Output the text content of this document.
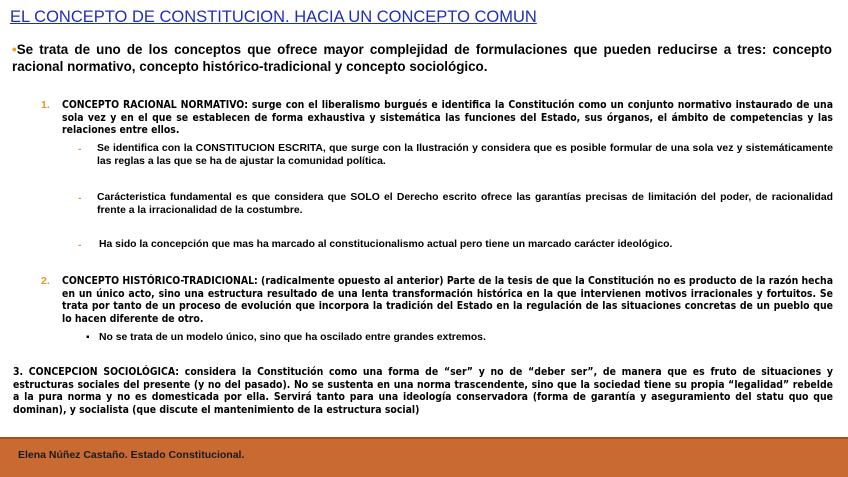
EL CONCEPTO DE CONSTITUCION. HACIA UN CONCEPTO COMUN
•Se trata de uno de los conceptos que ofrece mayor complejidad de formulaciones que pueden reducirse a tres: concepto racional normativo, concepto histórico-tradicional y concepto sociológico.
1. CONCEPTO RACIONAL NORMATIVO: surge con el liberalismo burgués e identifica la Constitución como un conjunto normativo instaurado de una sola vez y en el que se establecen de forma exhaustiva y sistemática las funciones del Estado, sus órganos, el ámbito de competencias y las relaciones entre ellos.
- Se identifica con la CONSTITUCION ESCRITA, que surge con la Ilustración y considera que es posible formular de una sola vez y sistemáticamente las reglas a las que se ha de ajustar la comunidad política.
- Carácteristica fundamental es que considera que SOLO el Derecho escrito ofrece las garantías precisas de limitación del poder, de racionalidad frente a la irracionalidad de la costumbre.
- Ha sido la concepción que mas ha marcado al constitucionalismo actual pero tiene un marcado carácter ideológico.
2. CONCEPTO HISTÓRICO-TRADICIONAL: (radicalmente opuesto al anterior) Parte de la tesis de que la Constitución no es producto de la razón hecha en un único acto, sino una estructura resultado de una lenta transformación histórica en la que intervienen motivos irracionales y fortuitos. Se trata por tanto de un proceso de evolución que incorpora la tradición del Estado en la regulación de las situaciones concretas de un pueblo que lo hacen diferente de otro.
▪ No se trata de un modelo único, sino que ha oscilado entre grandes extremos.
3. CONCEPCION SOCIOLÓGICA: considera la Constitución como una forma de “ser” y no de “deber ser”, de manera que es fruto de situaciones y estructuras sociales del presente (y no del pasado). No se sustenta en una norma trascendente, sino que la sociedad tiene su propia “legalidad” rebelde a la pura norma y no es domesticada por ella. Servirá tanto para una ideología conservadora (forma de garantía y aseguramiento del statu quo que dominan), y socialista (que discute el mantenimiento de la estructura social)
Elena Núñez Castaño. Estado Constitucional.
